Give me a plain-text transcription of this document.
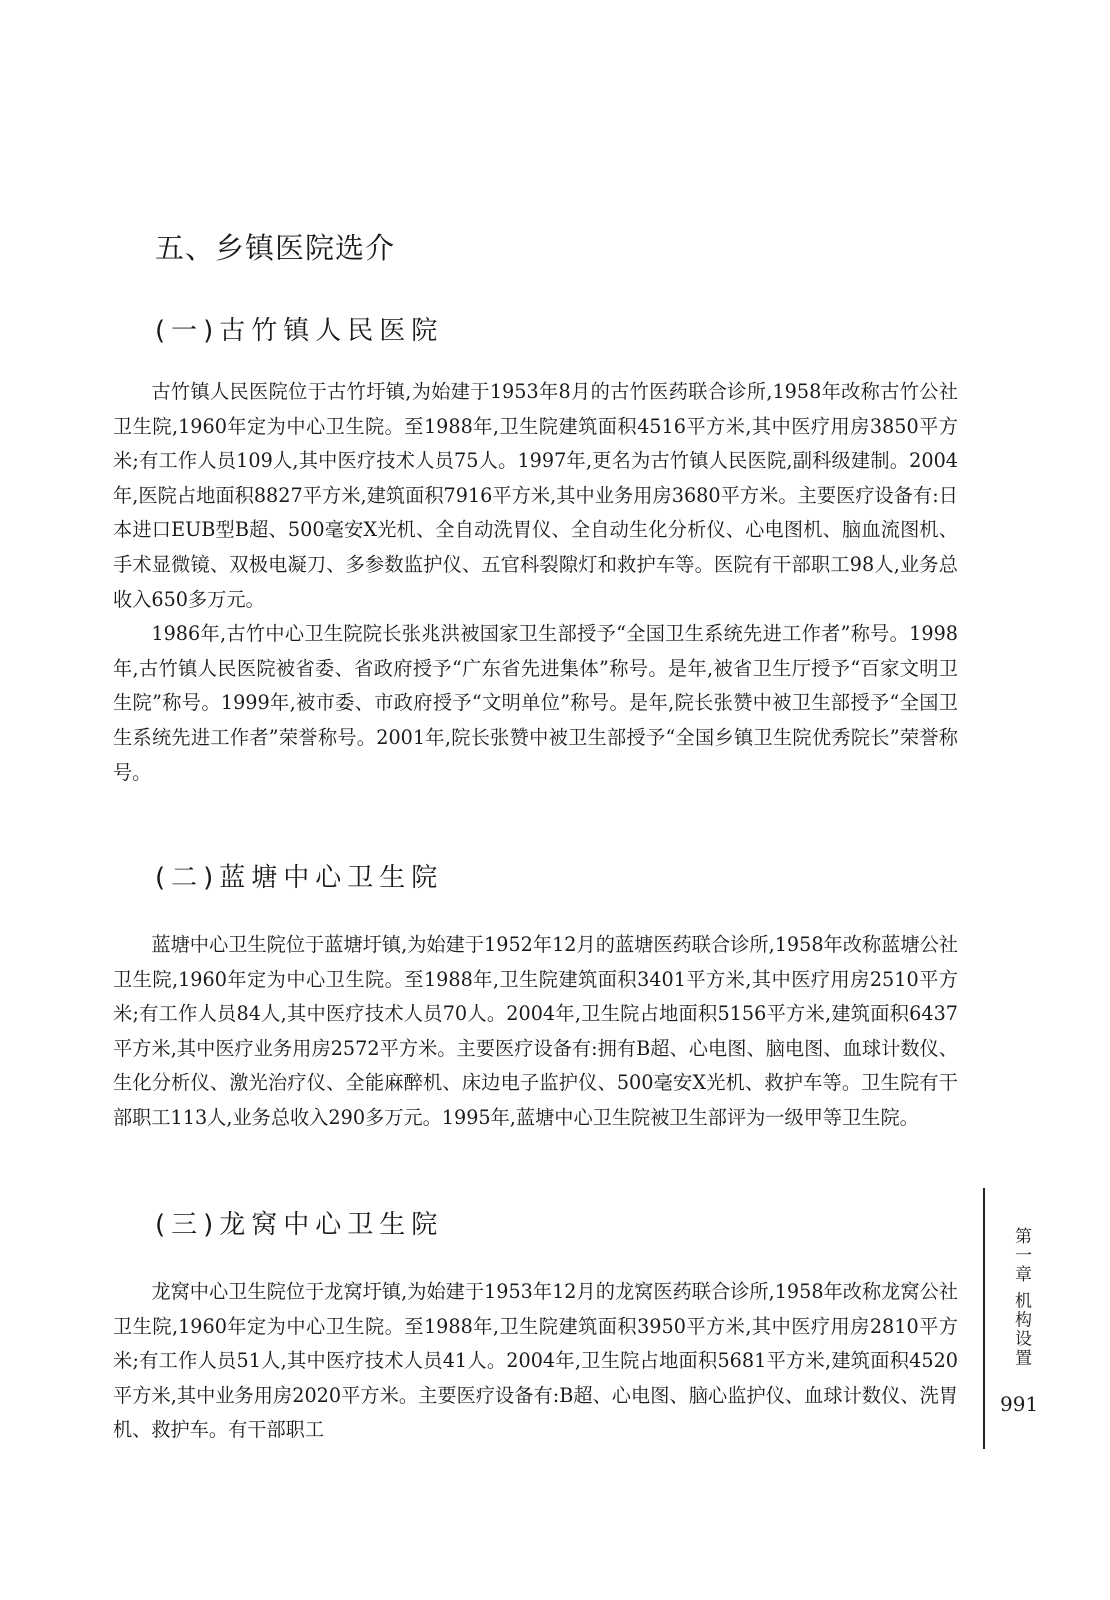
五、乡镇医院选介
(一)古竹镇人民医院

古竹镇人民医院位于古竹圩镇,为始建于1953年8月的古竹医药联合诊所,1958年改称古竹公社卫生院,1960年定为中心卫生院。至1988年,卫生院建筑面积4516平方米,其中医疗用房3850平方米;有工作人员109人,其中医疗技术人员75人。1997年,更名为古竹镇人民医院,副科级建制。2004年,医院占地面积8827平方米,建筑面积7916平方米,其中业务用房3680平方米。主要医疗设备有:日本进口EUB型B超、500毫安X光机、全自动洗胃仪、全自动生化分析仪、心电图机、脑血流图机、手术显微镜、双极电凝刀、多参数监护仪、五官科裂隙灯和救护车等。医院有干部职工98人,业务总收入650多万元。

1986年,古竹中心卫生院院长张兆洪被国家卫生部授予“全国卫生系统先进工作者”称号。1998年,古竹镇人民医院被省委、省政府授予“广东省先进集体”称号。是年,被省卫生厅授予“百家文明卫生院”称号。1999年,被市委、市政府授予“文明单位”称号。是年,院长张赞中被卫生部授予“全国卫生系统先进工作者”荣誉称号。2001年,院长张赞中被卫生部授予“全国乡镇卫生院优秀院长”荣誉称号。

(二)蓝塘中心卫生院

蓝塘中心卫生院位于蓝塘圩镇,为始建于1952年12月的蓝塘医药联合诊所,1958年改称蓝塘公社卫生院,1960年定为中心卫生院。至1988年,卫生院建筑面积3401平方米,其中医疗用房2510平方米;有工作人员84人,其中医疗技术人员70人。2004年,卫生院占地面积5156平方米,建筑面积6437平方米,其中医疗业务用房2572平方米。主要医疗设备有:拥有B超、心电图、脑电图、血球计数仪、生化分析仪、激光治疗仪、全能麻醉机、床边电子监护仪、500毫安X光机、救护车等。卫生院有干部职工113人,业务总收入290多万元。1995年,蓝塘中心卫生院被卫生部评为一级甲等卫生院。

(三)龙窝中心卫生院

龙窝中心卫生院位于龙窝圩镇,为始建于1953年12月的龙窝医药联合诊所,1958年改称龙窝公社卫生院,1960年定为中心卫生院。至1988年,卫生院建筑面积3950平方米,其中医疗用房2810平方米;有工作人员51人,其中医疗技术人员41人。2004年,卫生院占地面积5681平方米,建筑面积4520平方米,其中业务用房2020平方米。主要医疗设备有:B超、心电图、脑心监护仪、血球计数仪、洗胃机、救护车。有干部职工

第一章 机构设置
991
